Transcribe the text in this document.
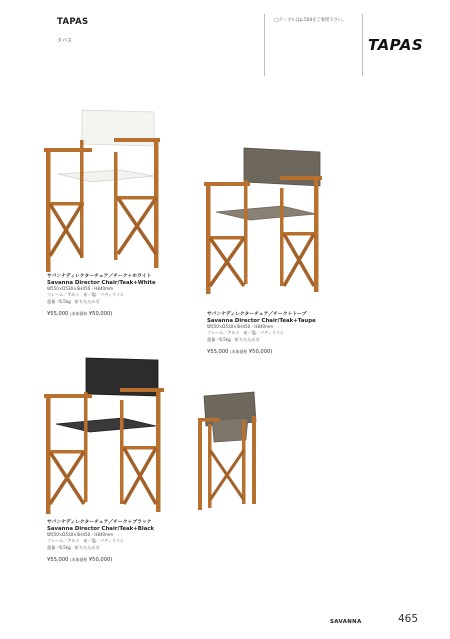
TAPAS
タパス
◯テーブルはp.504をご参照下さい。
TAPAS
サバンナディレクターチェア／チーク＋ホワイト
Savanna Director Chair/Teak+White
W550×D530×SH450・H840mm
フレーム／アルミ　布／塩／パディライン
重量／6.5kg　折りたたみ可
¥55,000 (本体価格 ¥50,000)	サバンナディレクターチェア／チーク＋トープ
Savanna Director Chair/Teak+Taupe
W550×D530×SH450・H840mm
フレーム／アルミ　布／塩／パディライン
重量／6.5kg　折りたたみ可
¥55,000 (本体価格 ¥50,000)
サバンナディレクターチェア／チーク＋ブラック
Savanna Director Chair/Teak+Black
W550×D530×SH450・H840mm
フレーム／アルミ　布／塩／パディライン
重量／6.5kg　折りたたみ可
¥55,000 (本体価格 ¥50,000)
SAVANNA	465
